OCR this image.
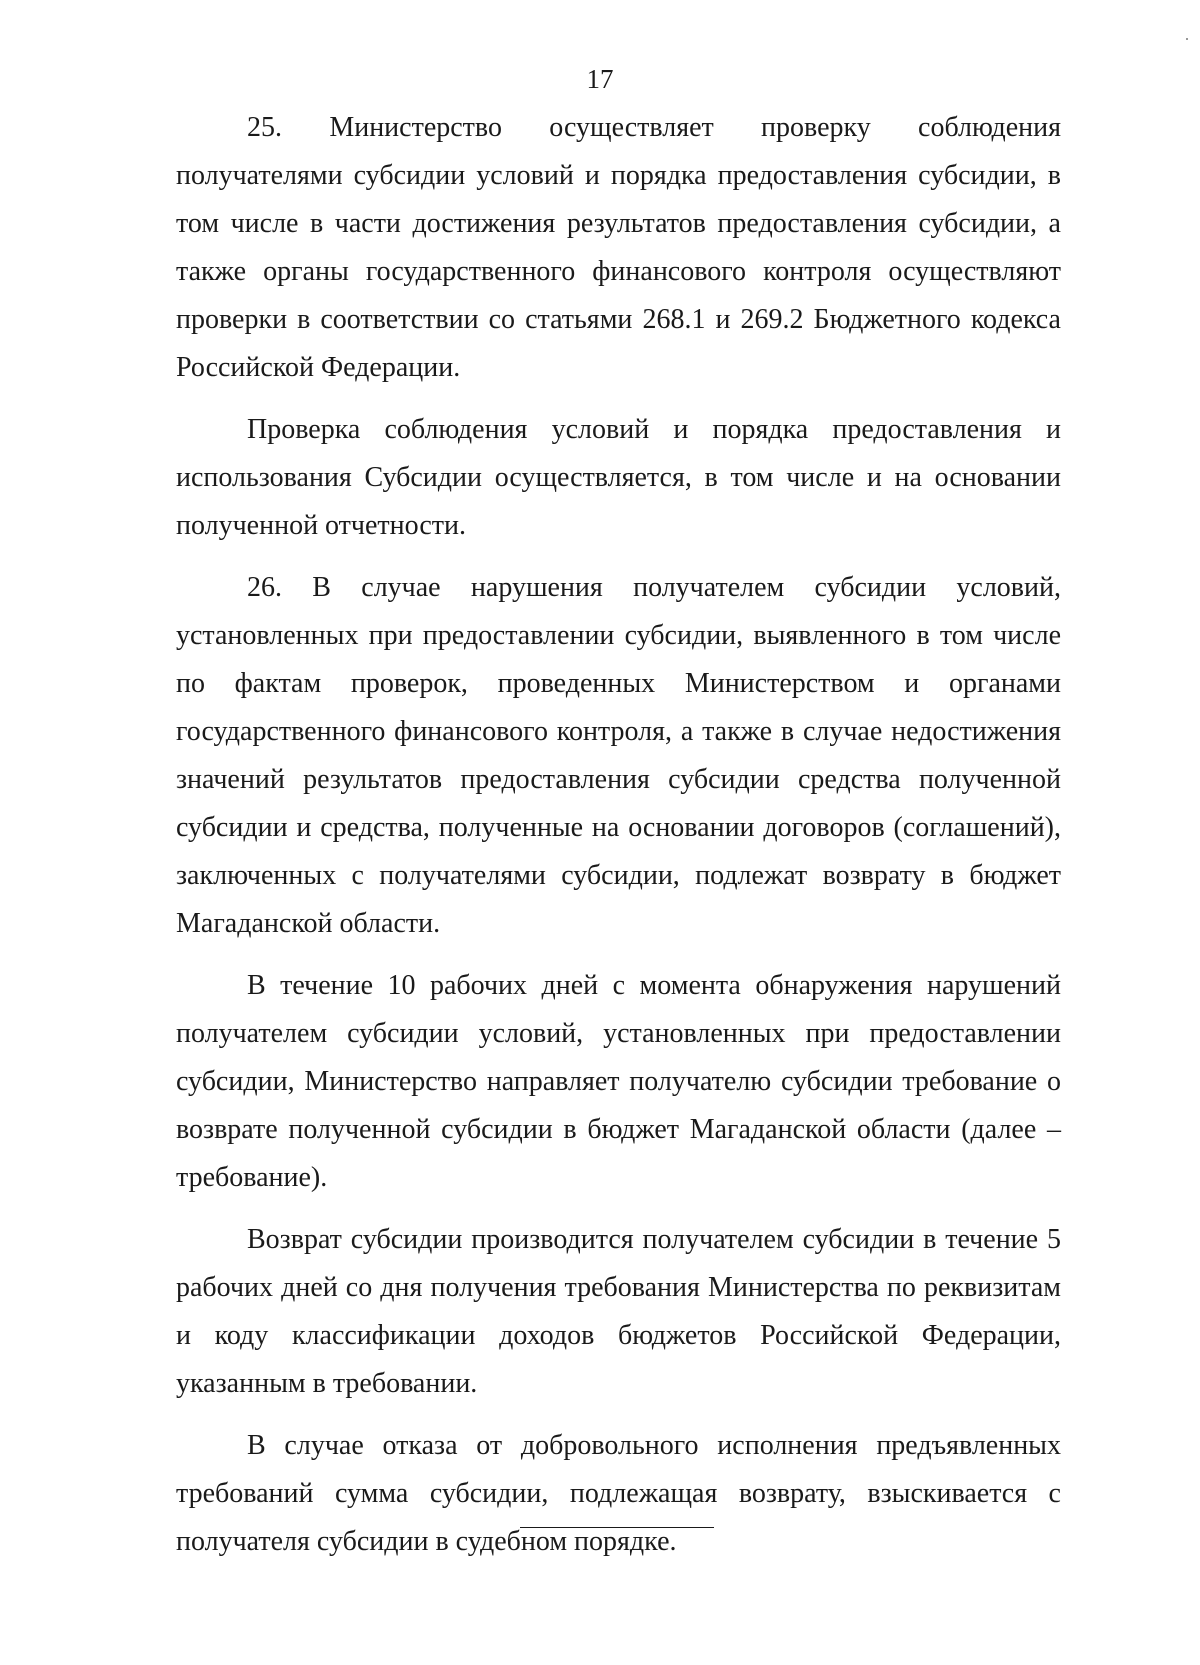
17

25. Министерство осуществляет проверку соблюдения получателями субсидии условий и порядка предоставления субсидии, в том числе в части достижения результатов предоставления субсидии, а также органы государственного финансового контроля осуществляют проверки в соответствии со статьями 268.1 и 269.2 Бюджетного кодекса Российской Федерации.

Проверка соблюдения условий и порядка предоставления и использования Субсидии осуществляется, в том числе и на основании полученной отчетности.

26. В случае нарушения получателем субсидии условий, установленных при предоставлении субсидии, выявленного в том числе по фактам проверок, проведенных Министерством и органами государственного финансового контроля, а также в случае недостижения значений результатов предоставления субсидии средства полученной субсидии и средства, полученные на основании договоров (соглашений), заключенных с получателями субсидии, подлежат возврату в бюджет Магаданской области.

В течение 10 рабочих дней с момента обнаружения нарушений получателем субсидии условий, установленных при предоставлении субсидии, Министерство направляет получателю субсидии требование о возврате полученной субсидии в бюджет Магаданской области (далее – требование).

Возврат субсидии производится получателем субсидии в течение 5 рабочих дней со дня получения требования Министерства по реквизитам и коду классификации доходов бюджетов Российской Федерации, указанным в требовании.

В случае отказа от добровольного исполнения предъявленных требований сумма субсидии, подлежащая возврату, взыскивается с получателя субсидии в судебном порядке.
